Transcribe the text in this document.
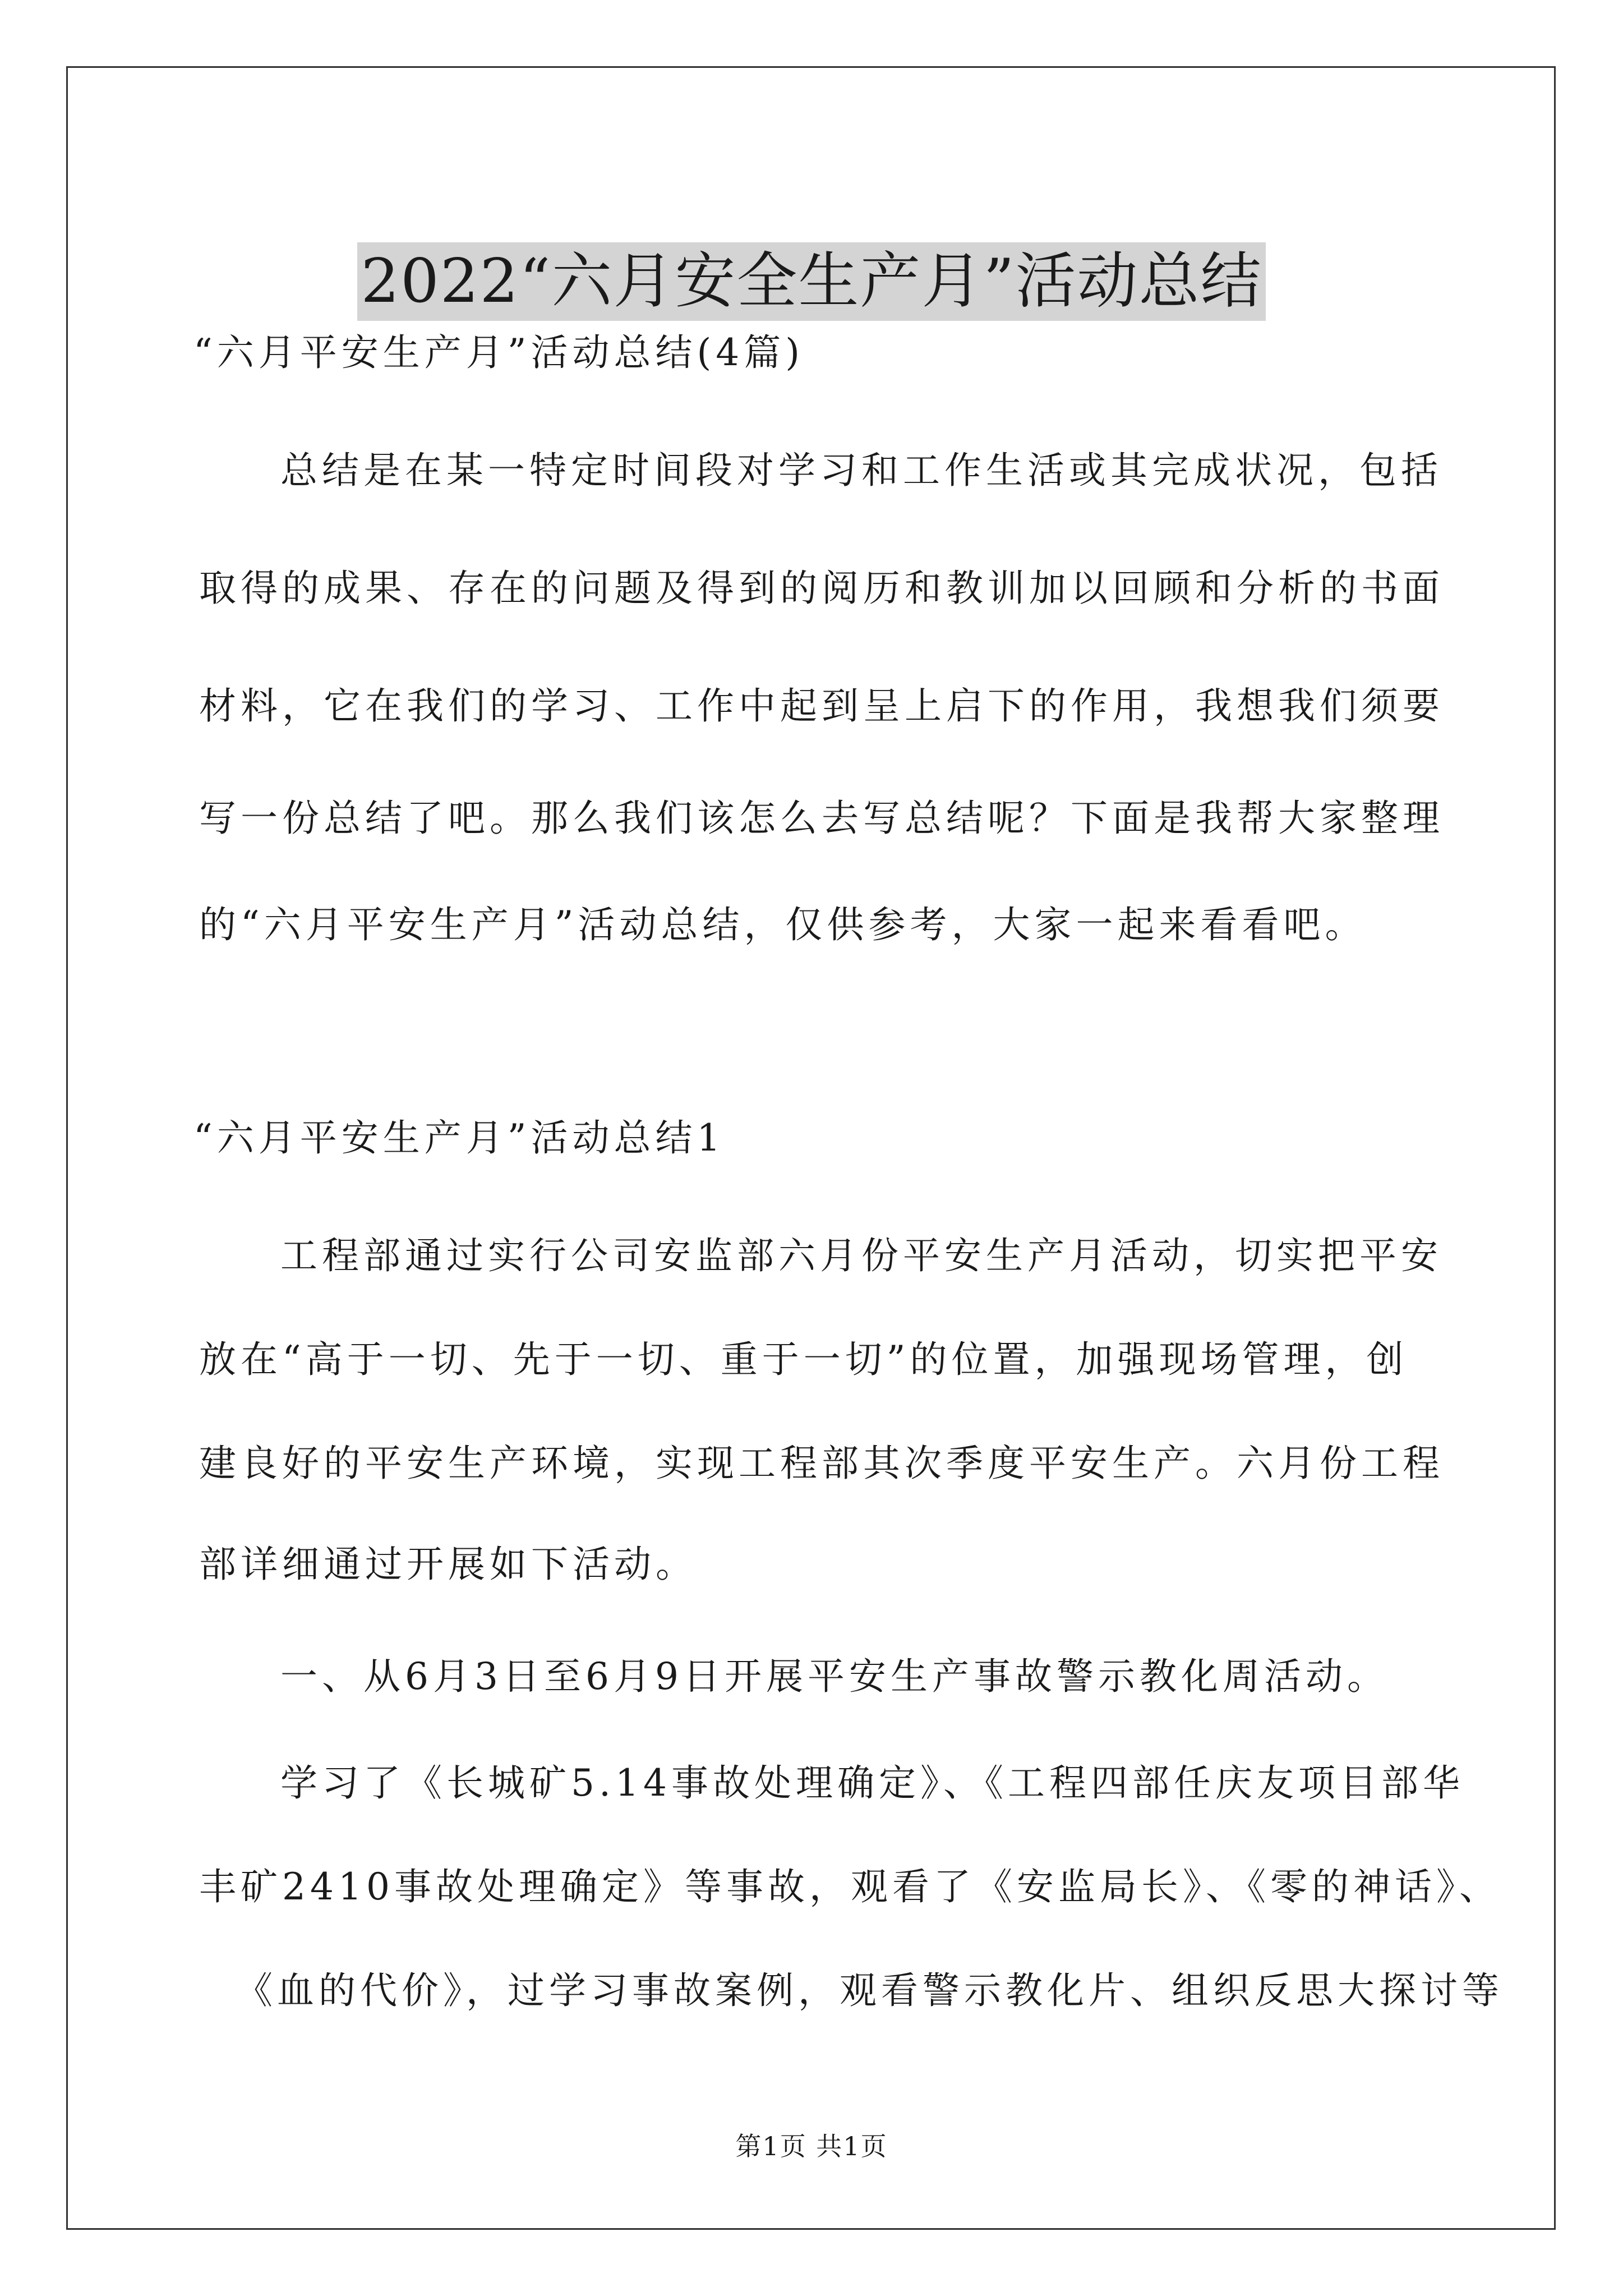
2022“六月安全生产月”活动总结
“六月平安生产月”活动总结(4篇)
总结是在某一特定时间段对学习和工作生活或其完成状况，包括
取得的成果、存在的问题及得到的阅历和教训加以回顾和分析的书面
材料，它在我们的学习、工作中起到呈上启下的作用，我想我们须要
写一份总结了吧。那么我们该怎么去写总结呢？下面是我帮大家整理
的“六月平安生产月”活动总结，仅供参考，大家一起来看看吧。
“六月平安生产月”活动总结1
工程部通过实行公司安监部六月份平安生产月活动，切实把平安
放在“高于一切、先于一切、重于一切”的位置，加强现场管理，创
建良好的平安生产环境，实现工程部其次季度平安生产。六月份工程
部详细通过开展如下活动。
一、从6月3日至6月9日开展平安生产事故警示教化周活动。
学习了《长城矿5.14事故处理确定》、《工程四部任庆友项目部华
丰矿2410事故处理确定》等事故，观看了《安监局长》、《零的神话》、
《血的代价》，过学习事故案例，观看警示教化片、组织反思大探讨等
第1页 共1页
